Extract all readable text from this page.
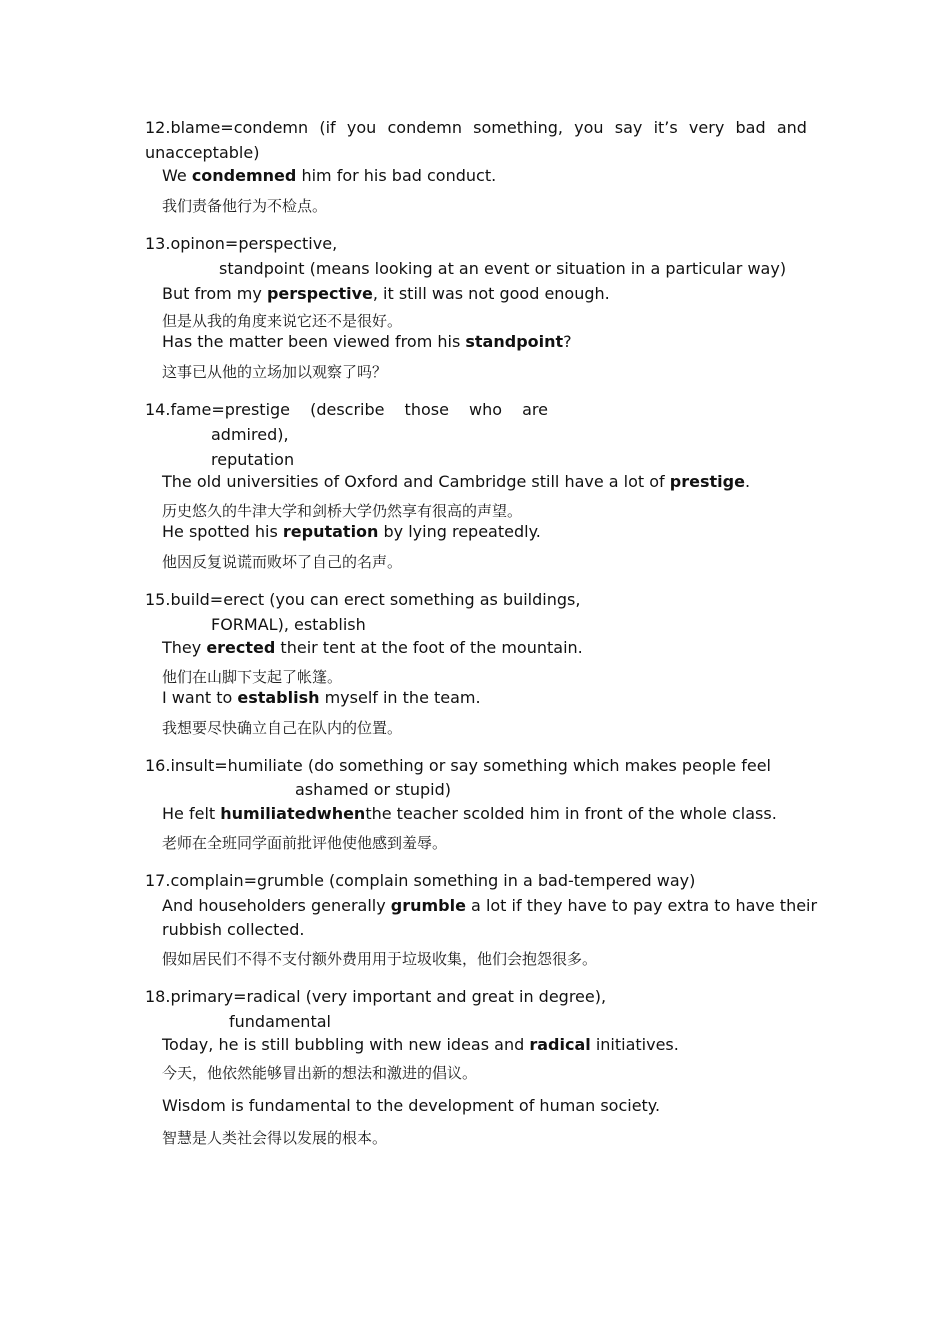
12.blame=condemn (if you condemn something, you say it’s very bad and
unacceptable)
We condemned him for his bad conduct.
我们责备他行为不检点。
13.opinon=perspective,
standpoint (means looking at an event or situation in a particular way)
But from my perspective, it still was not good enough.
但是从我的角度来说它还不是很好。
Has the matter been viewed from his standpoint?
这事已从他的立场加以观察了吗？
14.fame=prestige (describe those who are
admired),
reputation
The old universities of Oxford and Cambridge still have a lot of prestige.
历史悠久的牛津大学和剑桥大学仍然享有很高的声望。
He spotted his reputation by lying repeatedly.
他因反复说谎而败坏了自己的名声。
15.build=erect (you can erect something as buildings,
FORMAL), establish
They erected their tent at the foot of the mountain.
他们在山脚下支起了帐篷。
I want to establish myself in the team.
我想要尽快确立自己在队内的位置。
16.insult=humiliate (do something or say something which makes people feel
ashamed or stupid)
He felt humiliatedwhenthe teacher scolded him in front of the whole class.
老师在全班同学面前批评他使他感到羞辱。
17.complain=grumble (complain something in a bad-tempered way)
And householders generally grumble a lot if they have to pay extra to have their
rubbish collected.
假如居民们不得不支付额外费用用于垃圾收集，他们会抱怨很多。
18.primary=radical (very important and great in degree),
fundamental
Today, he is still bubbling with new ideas and radical initiatives.
今天，他依然能够冒出新的想法和激进的倡议。
Wisdom is fundamental to the development of human society.
智慧是人类社会得以发展的根本。
